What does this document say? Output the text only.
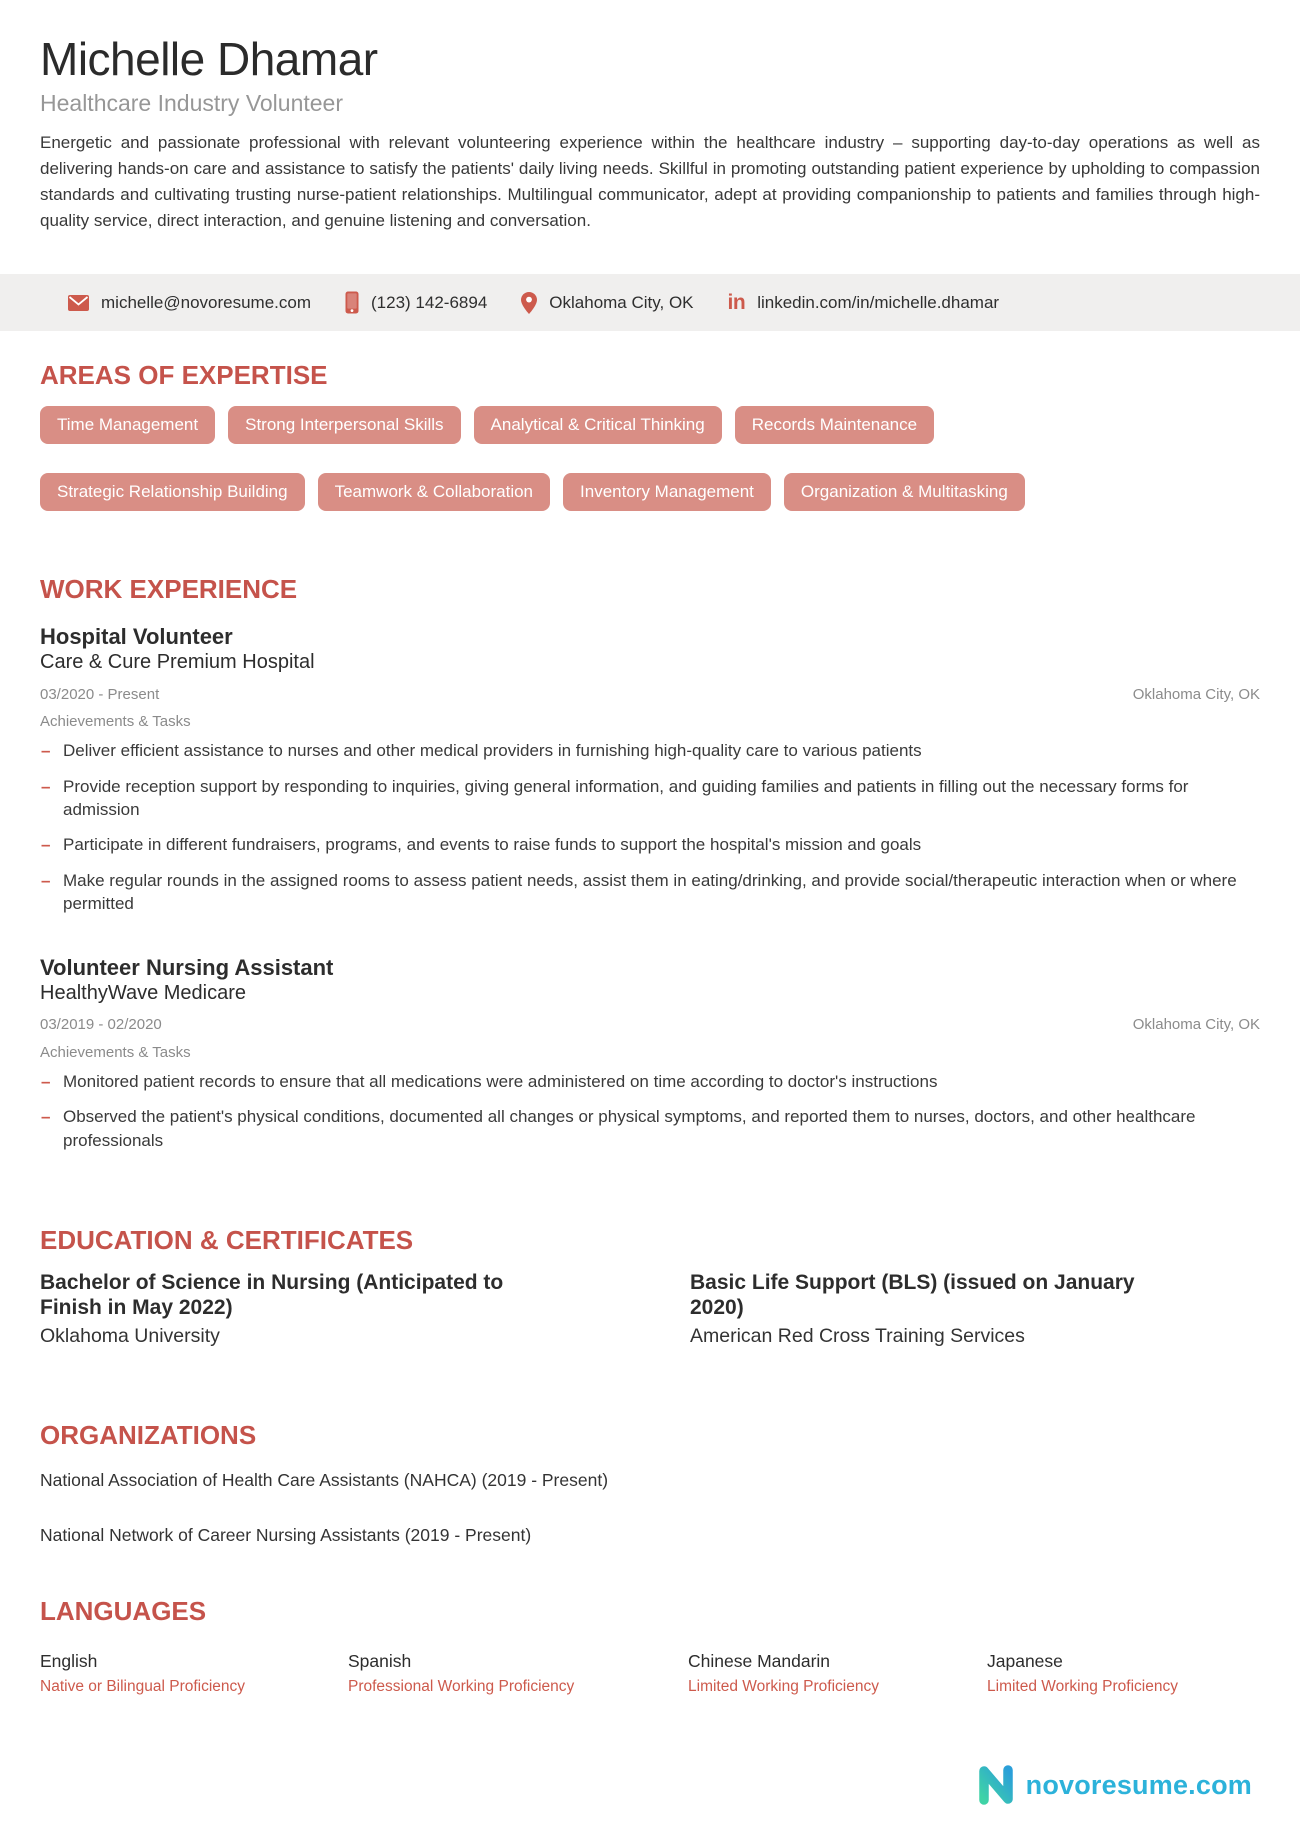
Michelle Dhamar
Healthcare Industry Volunteer

Energetic and passionate professional with relevant volunteering experience within the healthcare industry – supporting day-to-day operations as well as delivering hands-on care and assistance to satisfy the patients' daily living needs. Skillful in promoting outstanding patient experience by upholding to compassion standards and cultivating trusting nurse-patient relationships. Multilingual communicator, adept at providing companionship to patients and families through high-quality service, direct interaction, and genuine listening and conversation.

michelle@novoresume.com	(123) 142-6894	Oklahoma City, OK in linkedin.com/in/michelle.dhamar
AREAS OF EXPERTISE
Time Management	Strong Interpersonal Skills	Analytical & Critical Thinking	Records Maintenance
Strategic Relationship Building	Teamwork & Collaboration	Inventory Management	Organization & Multitasking
WORK EXPERIENCE
Hospital Volunteer
Care & Cure Premium Hospital
03/2020 - Present	Oklahoma City, OK
Achievements & Tasks
– Deliver efficient assistance to nurses and other medical providers in furnishing high-quality care to various patients
– Provide reception support by responding to inquiries, giving general information, and guiding families and patients in filling out the necessary forms for admission
– Participate in different fundraisers, programs, and events to raise funds to support the hospital's mission and goals
– Make regular rounds in the assigned rooms to assess patient needs, assist them in eating/drinking, and provide social/therapeutic interaction when or where permitted
Volunteer Nursing Assistant
HealthyWave Medicare
03/2019 - 02/2020	Oklahoma City, OK
Achievements & Tasks
– Monitored patient records to ensure that all medications were administered on time according to doctor's instructions
– Observed the patient's physical conditions, documented all changes or physical symptoms, and reported them to nurses, doctors, and other healthcare professionals
EDUCATION & CERTIFICATES
Bachelor of Science in Nursing (Anticipated to Finish in May 2022)
Oklahoma University
Basic Life Support (BLS) (issued on January 2020)
American Red Cross Training Services
ORGANIZATIONS
National Association of Health Care Assistants (NAHCA) (2019 - Present)
National Network of Career Nursing Assistants (2019 - Present)
LANGUAGES
English
Native or Bilingual Proficiency
Spanish
Professional Working Proficiency
Chinese Mandarin
Limited Working Proficiency
Japanese
Limited Working Proficiency
novoresume.com
